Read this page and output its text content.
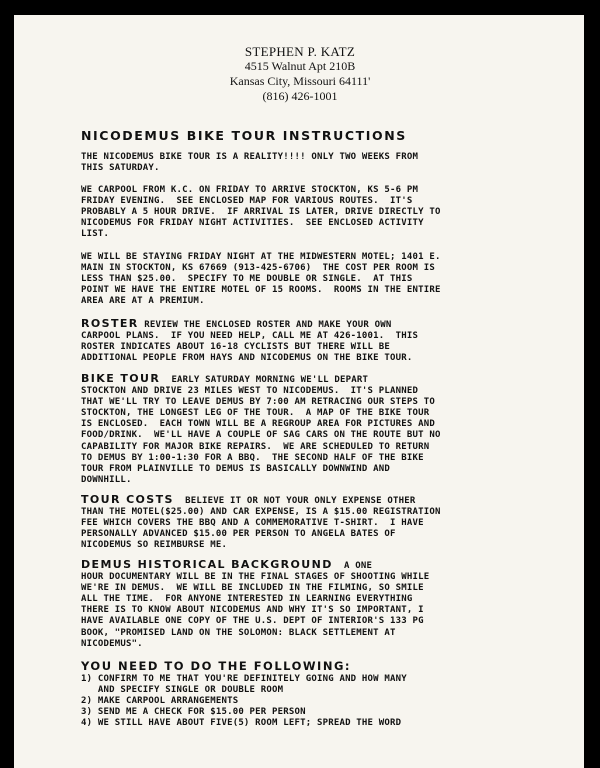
STEPHEN P. KATZ
4515 Walnut Apt 210B
Kansas City, Missouri 64111'
(816) 426-1001
NICODEMUS BIKE TOUR INSTRUCTIONS
THE NICODEMUS BIKE TOUR IS A REALITY!!!! ONLY TWO WEEKS FROM
THIS SATURDAY.
WE CARPOOL FROM K.C. ON FRIDAY TO ARRIVE STOCKTON, KS 5-6 PM
FRIDAY EVENING.  SEE ENCLOSED MAP FOR VARIOUS ROUTES.  IT'S
PROBABLY A 5 HOUR DRIVE.  IF ARRIVAL IS LATER, DRIVE DIRECTLY TO
NICODEMUS FOR FRIDAY NIGHT ACTIVITIES.  SEE ENCLOSED ACTIVITY
LIST.
WE WILL BE STAYING FRIDAY NIGHT AT THE MIDWESTERN MOTEL; 1401 E.
MAIN IN STOCKTON, KS 67669 (913-425-6706)  THE COST PER ROOM IS
LESS THAN $25.00.  SPECIFY TO ME DOUBLE OR SINGLE.  AT THIS
POINT WE HAVE THE ENTIRE MOTEL OF 15 ROOMS.  ROOMS IN THE ENTIRE
AREA ARE AT A PREMIUM.
ROSTER REVIEW THE ENCLOSED ROSTER AND MAKE YOUR OWN
CARPOOL PLANS.  IF YOU NEED HELP, CALL ME AT 426-1001.  THIS
ROSTER INDICATES ABOUT 16-18 CYCLISTS BUT THERE WILL BE
ADDITIONAL PEOPLE FROM HAYS AND NICODEMUS ON THE BIKE TOUR.
BIKE TOUR  EARLY SATURDAY MORNING WE'LL DEPART
STOCKTON AND DRIVE 23 MILES WEST TO NICODEMUS.  IT'S PLANNED
THAT WE'LL TRY TO LEAVE DEMUS BY 7:00 AM RETRACING OUR STEPS TO
STOCKTON, THE LONGEST LEG OF THE TOUR.  A MAP OF THE BIKE TOUR
IS ENCLOSED.  EACH TOWN WILL BE A REGROUP AREA FOR PICTURES AND
FOOD/DRINK.  WE'LL HAVE A COUPLE OF SAG CARS ON THE ROUTE BUT NO
CAPABILITY FOR MAJOR BIKE REPAIRS.  WE ARE SCHEDULED TO RETURN
TO DEMUS BY 1:00-1:30 FOR A BBQ.  THE SECOND HALF OF THE BIKE
TOUR FROM PLAINVILLE TO DEMUS IS BASICALLY DOWNWIND AND
DOWNHILL.
TOUR COSTS  BELIEVE IT OR NOT YOUR ONLY EXPENSE OTHER
THAN THE MOTEL($25.00) AND CAR EXPENSE, IS A $15.00 REGISTRATION
FEE WHICH COVERS THE BBQ AND A COMMEMORATIVE T-SHIRT.  I HAVE
PERSONALLY ADVANCED $15.00 PER PERSON TO ANGELA BATES OF
NICODEMUS SO REIMBURSE ME.
DEMUS HISTORICAL BACKGROUND  A ONE
HOUR DOCUMENTARY WILL BE IN THE FINAL STAGES OF SHOOTING WHILE
WE'RE IN DEMUS.  WE WILL BE INCLUDED IN THE FILMING, SO SMILE
ALL THE TIME.  FOR ANYONE INTERESTED IN LEARNING EVERYTHING
THERE IS TO KNOW ABOUT NICODEMUS AND WHY IT'S SO IMPORTANT, I
HAVE AVAILABLE ONE COPY OF THE U.S. DEPT OF INTERIOR'S 133 PG
BOOK, "PROMISED LAND ON THE SOLOMON: BLACK SETTLEMENT AT
NICODEMUS".
YOU NEED TO DO THE FOLLOWING:
1) CONFIRM TO ME THAT YOU'RE DEFINITELY GOING AND HOW MANY
AND SPECIFY SINGLE OR DOUBLE ROOM
2) MAKE CARPOOL ARRANGEMENTS
3) SEND ME A CHECK FOR $15.00 PER PERSON
4) WE STILL HAVE ABOUT FIVE(5) ROOM LEFT; SPREAD THE WORD
